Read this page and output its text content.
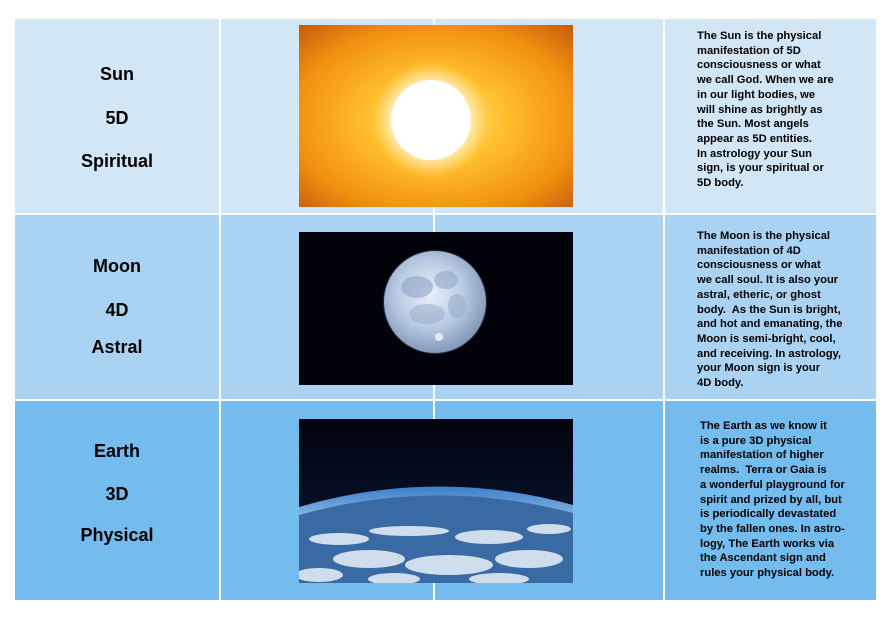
Sun
5D
Spiritual
The Sun is the physical
manifestation of 5D
consciousness or what
we call God. When we are
in our light bodies, we
will shine as brightly as
the Sun. Most angels
appear as 5D entities.
In astrology your Sun
sign, is your spiritual or
5D body.
Moon
4D
Astral
The Moon is the physical
manifestation of 4D
consciousness or what
we call soul. It is also your
astral, etheric, or ghost
body.  As the Sun is bright,
and hot and emanating, the
Moon is semi-bright, cool,
and receiving. In astrology,
your Moon sign is your
4D body.
Earth
3D
Physical
The Earth as we know it
is a pure 3D physical
manifestation of higher
realms.  Terra or Gaia is
a wonderful playground for
spirit and prized by all, but
is periodically devastated
by the fallen ones. In astro-
logy, The Earth works via
the Ascendant sign and
rules your physical body.
